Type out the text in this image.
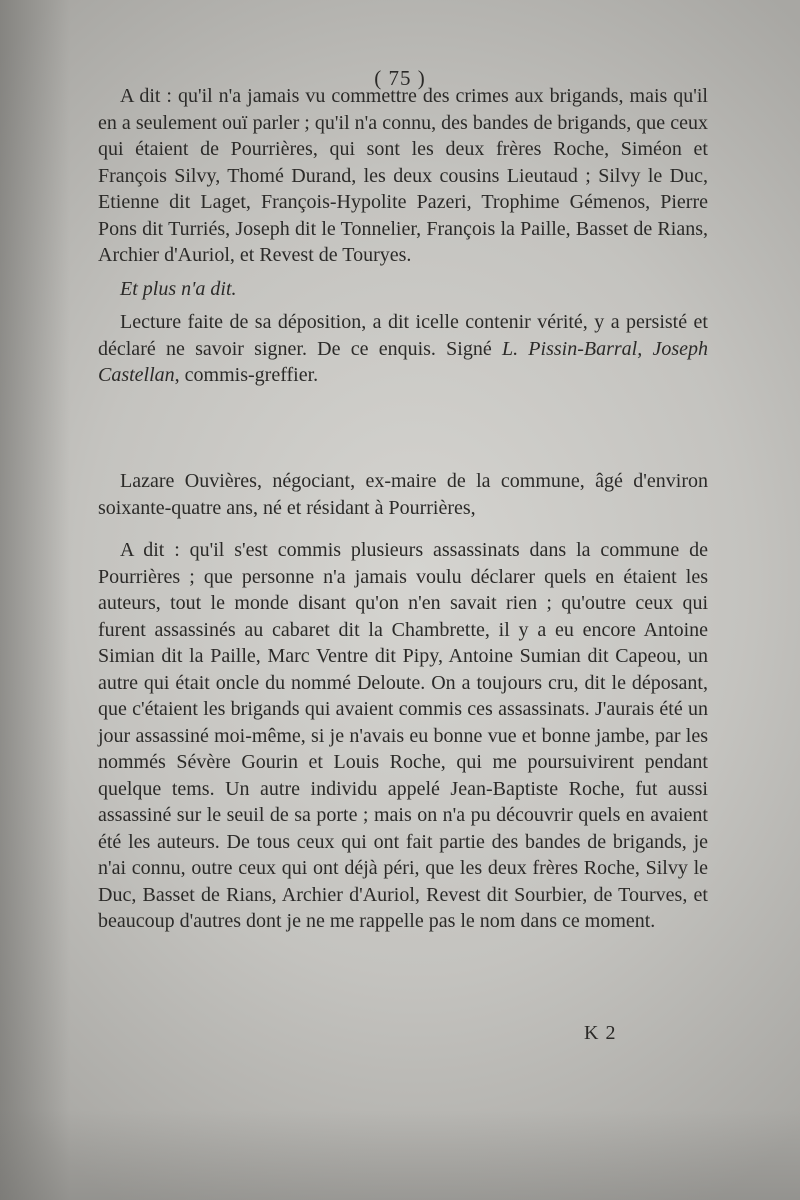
( 75 )

A dit : qu'il n'a jamais vu commettre des crimes aux brigands, mais qu'il en a seulement ouï parler ; qu'il n'a connu, des bandes de brigands, que ceux qui étaient de Pourrières, qui sont les deux frères Roche, Siméon et François Silvy, Thomé Durand, les deux cousins Lieutaud ; Silvy le Duc, Etienne dit Laget, François-Hypolite Pazeri, Trophime Gémenos, Pierre Pons dit Turriés, Joseph dit le Tonnelier, François la Paille, Basset de Rians, Archier d'Auriol, et Revest de Touryes.

Et plus n'a dit.

Lecture faite de sa déposition, a dit icelle contenir vérité, y a persisté et déclaré ne savoir signer. De ce enquis. Signé L. Pissin-Barral, Joseph Castellan, commis-greffier.

Lazare Ouvières, négociant, ex-maire de la commune, âgé d'environ soixante-quatre ans, né et résidant à Pourrières,

A dit : qu'il s'est commis plusieurs assassinats dans la commune de Pourrières ; que personne n'a jamais voulu déclarer quels en étaient les auteurs, tout le monde disant qu'on n'en savait rien ; qu'outre ceux qui furent assassinés au cabaret dit la Chambrette, il y a eu encore Antoine Simian dit la Paille, Marc Ventre dit Pipy, Antoine Sumian dit Capeou, un autre qui était oncle du nommé Deloute. On a toujours cru, dit le déposant, que c'étaient les brigands qui avaient commis ces assassinats. J'aurais été un jour assassiné moi-même, si je n'avais eu bonne vue et bonne jambe, par les nommés Sévère Gourin et Louis Roche, qui me poursuivirent pendant quelque tems. Un autre individu appelé Jean-Baptiste Roche, fut aussi assassiné sur le seuil de sa porte ; mais on n'a pu découvrir quels en avaient été les auteurs. De tous ceux qui ont fait partie des bandes de brigands, je n'ai connu, outre ceux qui ont déjà péri, que les deux frères Roche, Silvy le Duc, Basset de Rians, Archier d'Auriol, Revest dit Sourbier, de Tourves, et beaucoup d'autres dont je ne me rappelle pas le nom dans ce moment.

K 2
